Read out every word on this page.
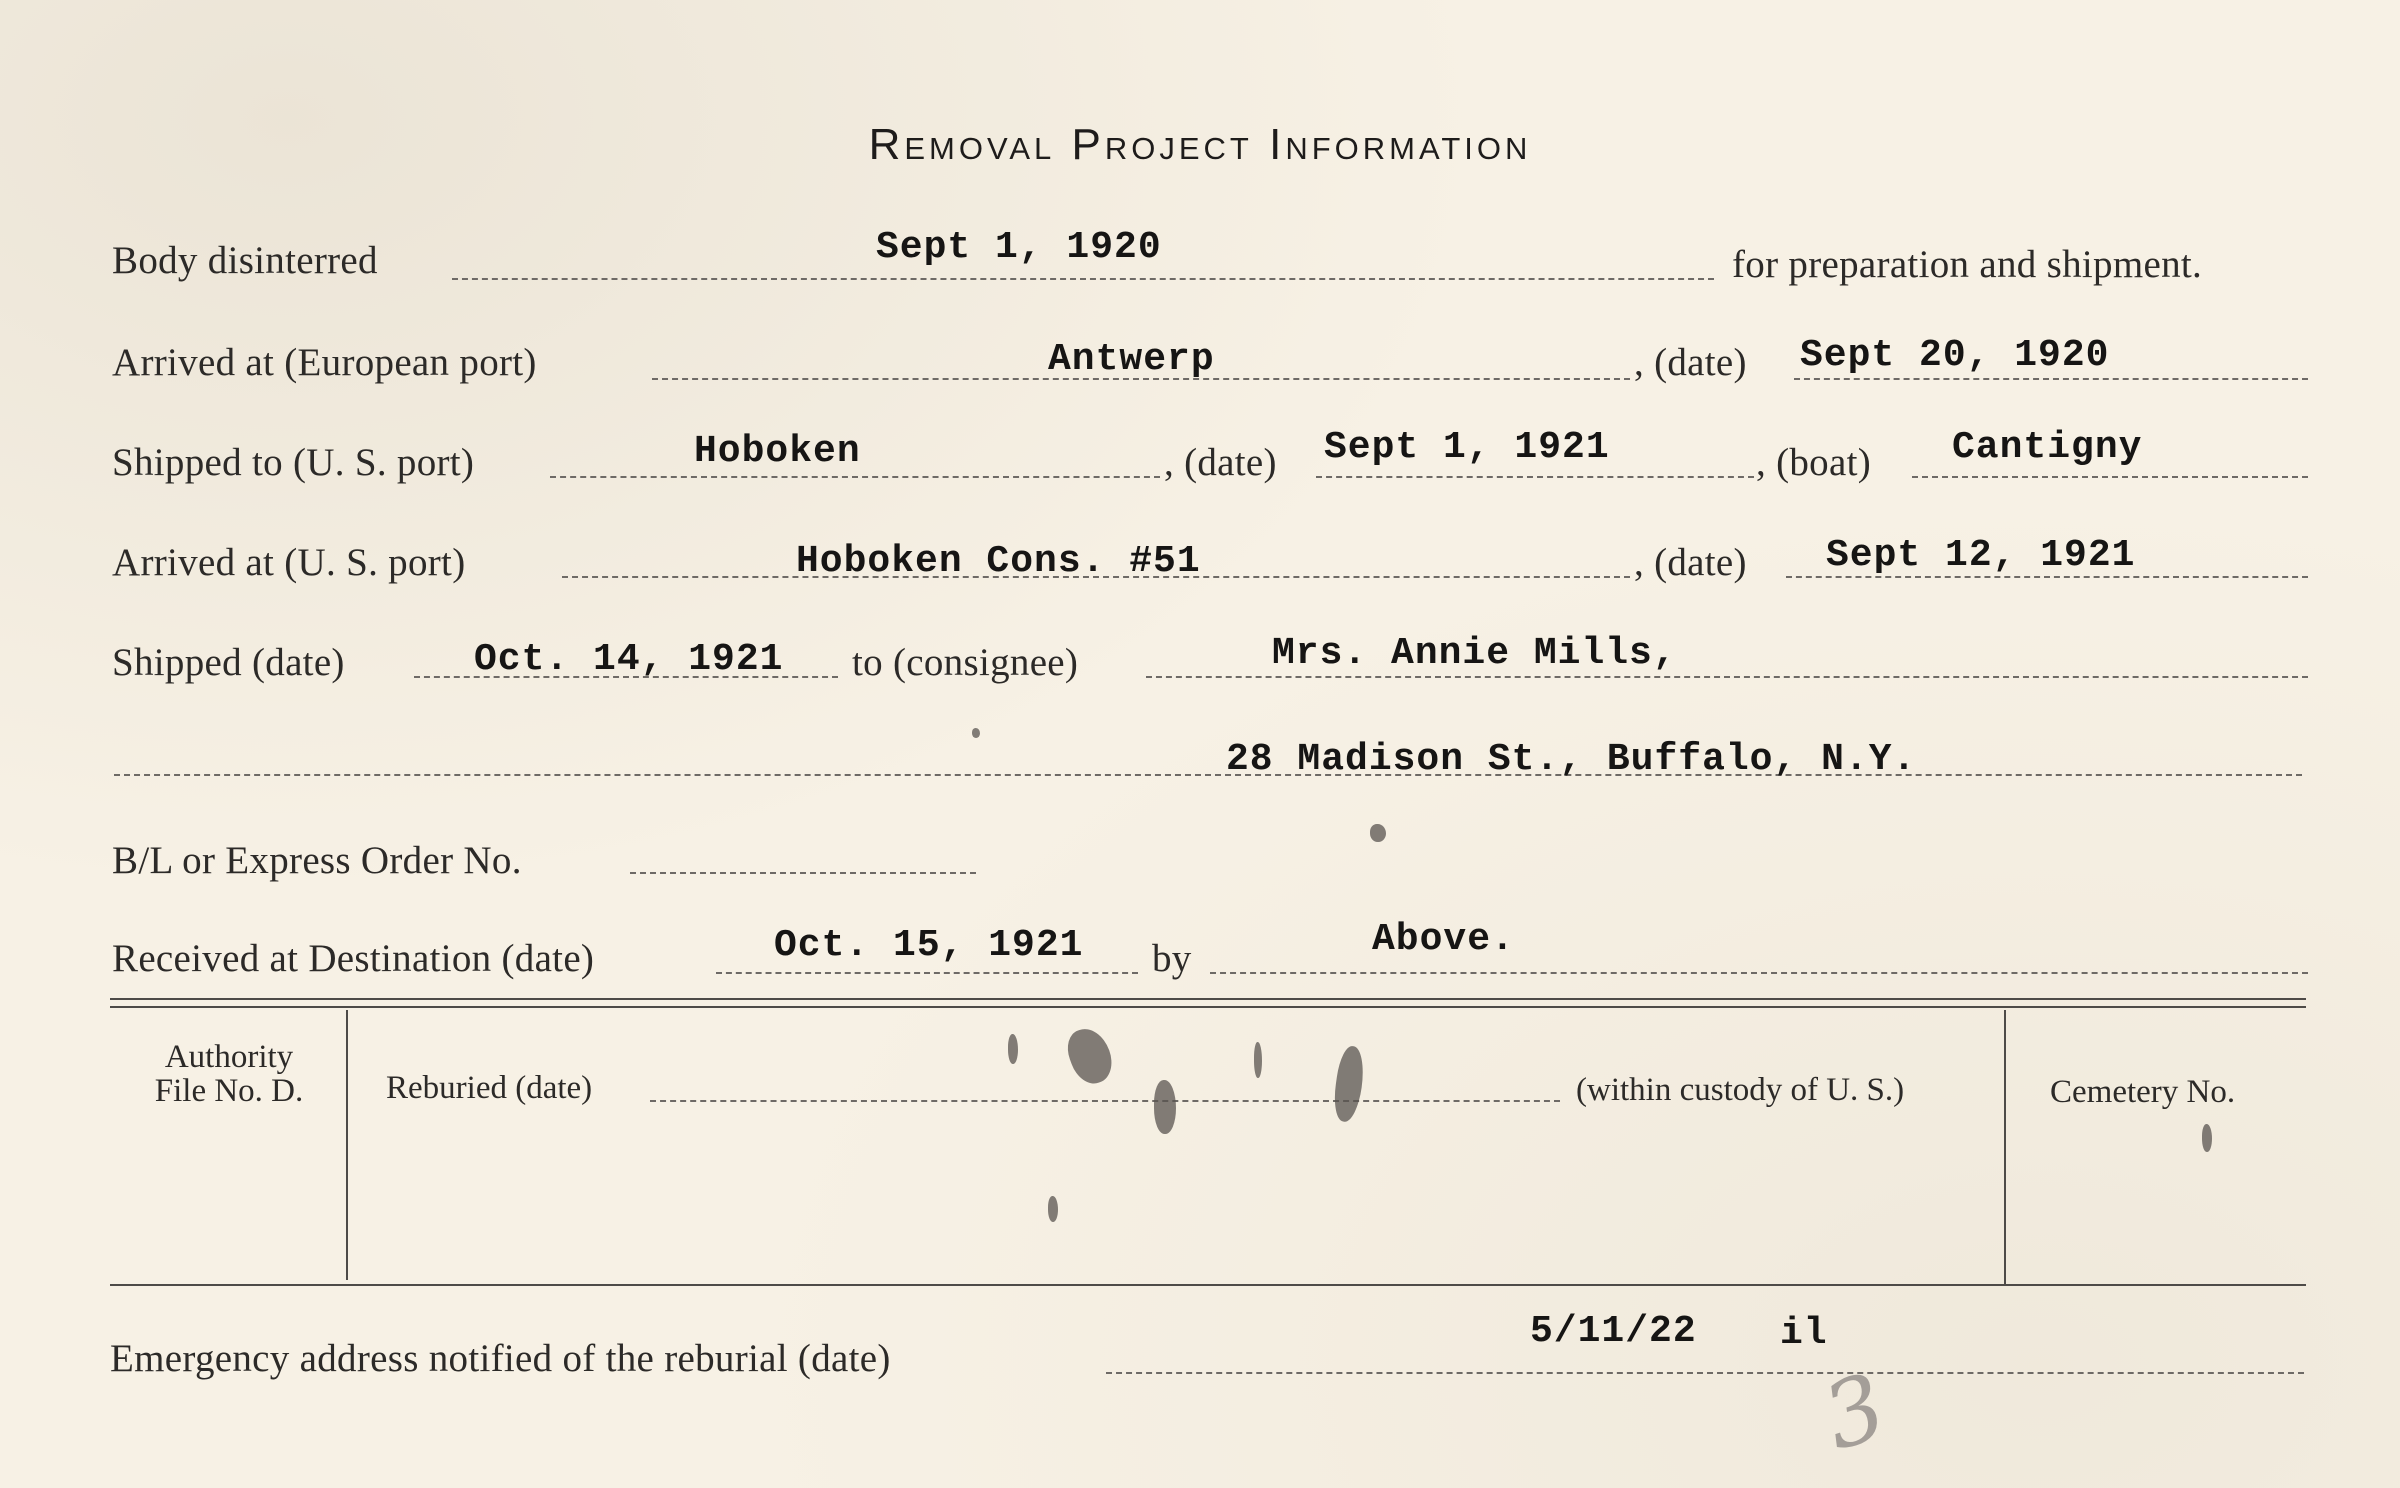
Removal Project Information
Body disinterred	Sept 1, 1920	for preparation and shipment.
Arrived at (European port)	Antwerp	, (date) Sept 20, 1920
Shipped to (U. S. port)	Hoboken	, (date) Sept 1, 1921	, (boat) Cantigny
Arrived at (U. S. port)	Hoboken Cons. #51	, (date) Sept 12, 1921
Shipped (date)	Oct. 14, 1921 to (consignee)	Mrs. Annie Mills,
28 Madison St., Buffalo, N.Y.
B/L or Express Order No.
Received at Destination (date)	Oct. 15, 1921 by	Above.
Authority
File No. D.	Reburied (date)	(within custody of U. S.)	Cemetery No.
Emergency address notified of the reburial (date)
5/11/22 il
3
